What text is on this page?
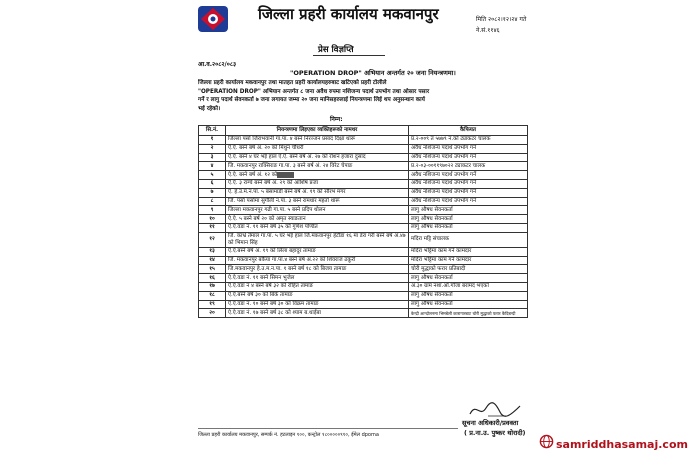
जिल्ला प्रहरी कार्यालय मकवानपुर	मिति २०८२।१२।२४ गते
ने.सं.११४६
प्रेस विज्ञप्ति
आ.व.२०८२/०८३
"OPERATION DROP" अभियान अन्तर्गत २० जना नियन्त्रणमा।
जिल्ला प्रहरी कार्यालय मकवानपुर तथा मातहत प्रहरी कार्यालयहरुबाट खटिएको प्रहरी टोलीले
"OPERATION DROP" अभियान अन्तर्गत ८ जना अवैध रुपमा नशिजन्य पदार्थ उपभोग तथा ओसार पसार
गर्ने र लागु पदार्थ सेवनकर्ता ७ जना लगायत जम्मा २० जना मानिसहरुलाई नियन्त्रणमा लिई थप अनुसन्धान कार्य
भई रहेको।
निम्न:
सि.नं.	नियन्त्रणमा लिइएका व्यक्तिहरूको नामथर	कैफियत
१	जिल्ला पर्सा जिराभवानी गा.पा. ४ बस्ने निरञ्जन प्रसाद दिक्षा थारू	प्र.२-००९ त ५७७९ नं.को ट्याकटर चालक
२	ऐ.ऐ. बस्ने बर्ष अं. २० को मिथुन चौधरी	अवैध नशिजन्य पदार्थ उपभोग गर्ने
३	ऐ.ऐ. बस्ने ४ घर भई हाल ऐ.ऐ. बस्ने बर्ष अं. २७ को रोशन हजारा दुसाद	अवैध नशिजन्य पदार्थ उपभोग गर्ने
४	जि. मकवानपुर राक्सिराङ गा.पा. ३ बस्ने बर्ष अं. २४ विरेट चेपाङ	प्र.२-०३-००११९७०२२ ट्याकटर चालक
५	ऐ.ऐ. बस्ने बर्ष अं. १२ को	अवैध नशिजन्य पदार्थ उपभोग गर्ने
६	ऐ.ऐ. ३ राम्चे बस्ने बर्ष अं. २९ को आशिष प्रजा	अवैध नशिजन्य पदार्थ उपभोग गर्ने
७	ऐ. हे.उ.म.न.पा. ५ बसामाडी बस्ने बर्ष अं. १९ को सौरभ मगर	अवैध नशिजन्य पदार्थ उपभोग गर्ने
८	जि. पर्सा पर्सामा सुगौली न.पा. ३ बस्ने रामधार महतो थारू	अवैध नशिजन्य पदार्थ उपभोग गर्ने
९	जिल्ला मकवानपुर गढी गा.पा. ५ बस्ने प्रदिप थोलन	लागु औषध सेवनकर्ता
१०	ऐ.ऐ. ५ बस्ने बर्ष २० को अमृत स्याङतान	लागु औषध सेवनकर्ता
११	ऐ.ऐ.वडा नं. ११ बस्ने बर्ष ३५ को गुणेश पण्डित	लागु औषध सेवनकर्ता
१२	जि. काभ्रे तेमाल गा.पा. ५ घर भई हाल जि.मकवानपुर हेटौडा १६ मा डेरा गरी बस्ने बर्ष अं.४७ को भिमान सिंह	मदिरा मट्टि संचालक
१३	ऐ.ऐ.बस्ने बर्ष अं. १९ को लिला बहादुर तामाङ	मदिरा भट्टिमा काम गर्ने कामदार
१४	जि. मकवानपुर बकैया गा.पा.४ बस्ने बर्ष अं.२२ को शिवराज ठकुरी	मदिरा भट्टिमा काम गर्ने कामदार
१५	जि.मकवानपुर हे.उ.म.न.पा. १ बस्ने बर्ष १८ को बिजय तामाङ	चोरी मुद्धाको फरार प्रतिबादी
१६	ऐ.ऐ.वडा नं. ११ बस्ने सिमन भुजेल	लागु औषध सेवनकर्ता
१७	ऐ.ऐ.वडा नं ४ बस्ने बर्ष ३२ को रोहित तामाङ	अ.३० ग्राम नशा.ओ.गाँजा बरामद भएको
१८	ऐ.ऐ.बस्ने बर्ष ३० को बिके तामाङ	लागु औषध सेवनकर्ता
१९	ऐ.ऐ.वडा नं. १० बस्ने बर्ष ३० को विक्रम तामाङ	लागु औषध सेवनकर्ता
२०	ऐ.ऐ.वडा नं. १७ बस्ने बर्ष ३८ को श्याम ब.थाईबा	केन्द्री आन्दोलनमा भिमबेली कारागारबाट चोरी मुद्धाको फरार कैदिबन्दी
सूचना अधिकारी/प्रवक्ता
( प्र.ना.उ. पुष्कर थोरादी)
जिल्ला प्रहरी कार्यालय मकवानपुर, सम्पर्क नं. हटलाइन १००, कन्ट्रोल १८०००००९१०, ईमेल dpoma
samriddhasamaj.com
